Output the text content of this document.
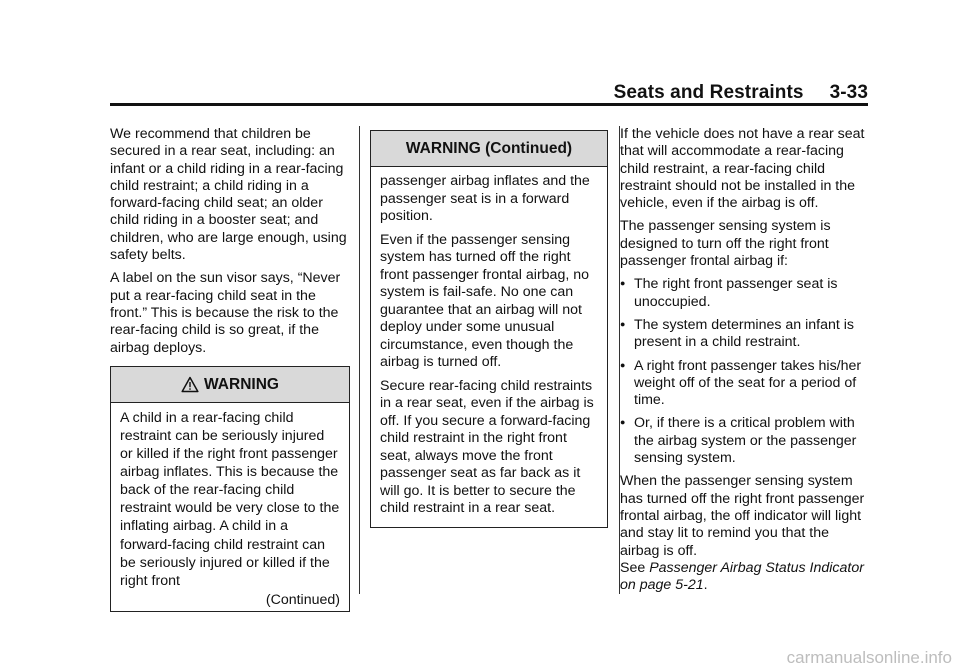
Seats and Restraints 3-33

We recommend that children be secured in a rear seat, including: an infant or a child riding in a rear-facing child restraint; a child riding in a forward-facing child seat; an older child riding in a booster seat; and children, who are large enough, using safety belts.

A label on the sun visor says, “Never put a rear-facing child seat in the front.” This is because the risk to the rear-facing child is so great, if the airbag deploys.

WARNING

A child in a rear-facing child restraint can be seriously injured or killed if the right front passenger airbag inflates. This is because the back of the rear-facing child restraint would be very close to the inflating airbag. A child in a forward-facing child restraint can be seriously injured or killed if the right front

(Continued)
WARNING (Continued)

passenger airbag inflates and the passenger seat is in a forward position.

Even if the passenger sensing system has turned off the right front passenger frontal airbag, no system is fail-safe. No one can guarantee that an airbag will not deploy under some unusual circumstance, even though the airbag is turned off.

Secure rear-facing child restraints in a rear seat, even if the airbag is off. If you secure a forward-facing child restraint in the right front seat, always move the front passenger seat as far back as it will go. It is better to secure the child restraint in a rear seat.

If the vehicle does not have a rear seat that will accommodate a rear-facing child restraint, a rear-facing child restraint should not be installed in the vehicle, even if the airbag is off.

The passenger sensing system is designed to turn off the right front passenger frontal airbag if:

● The right front passenger seat is unoccupied.
● The system determines an infant is present in a child restraint.
● A right front passenger takes his/her weight off of the seat for a period of time.
● Or, if there is a critical problem with the airbag system or the passenger sensing system.

When the passenger sensing system has turned off the right front passenger frontal airbag, the off indicator will light and stay lit to remind you that the airbag is off.

See Passenger Airbag Status Indicator on page 5-21.

carmanualsonline.info
